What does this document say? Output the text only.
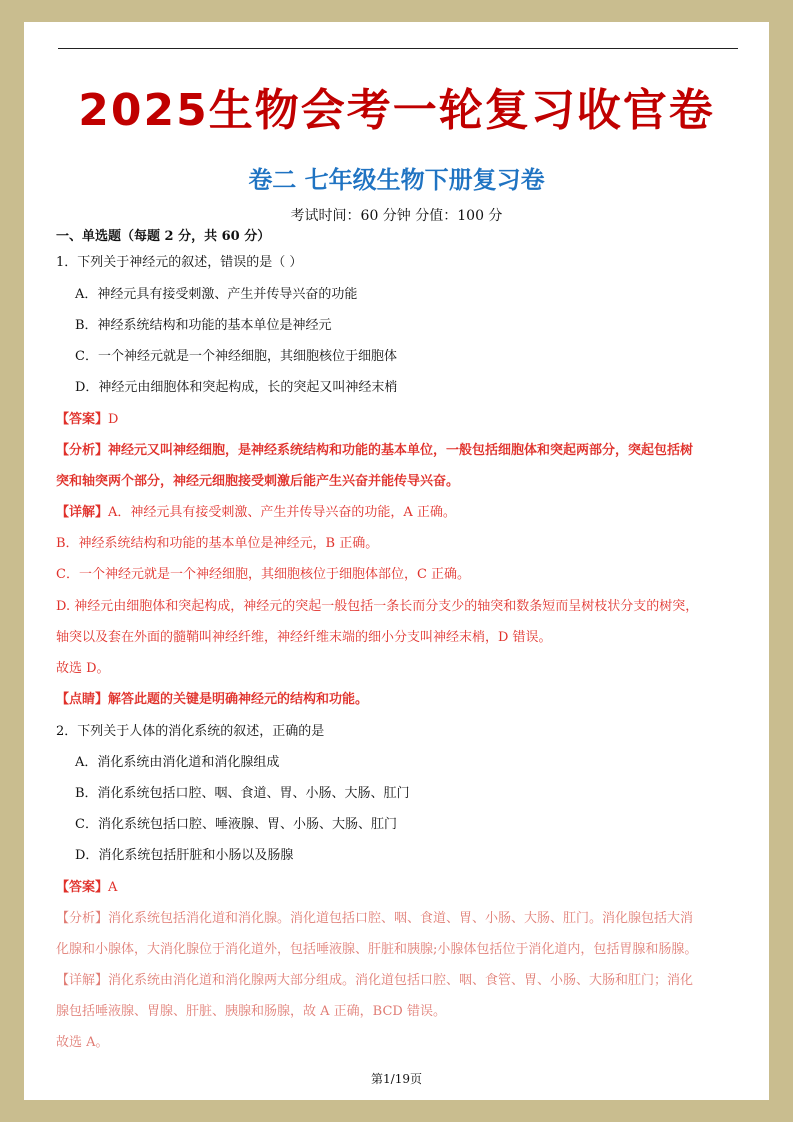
2025生物会考一轮复习收官卷
卷二 七年级生物下册复习卷
考试时间：60 分钟 分值：100 分
一、单选题（每题 2 分，共 60 分）
1．下列关于神经元的叙述，错误的是（ ）
A．神经元具有接受刺激、产生并传导兴奋的功能
B．神经系统结构和功能的基本单位是神经元
C．一个神经元就是一个神经细胞，其细胞核位于细胞体
D．神经元由细胞体和突起构成，长的突起又叫神经末梢
【答案】D
【分析】神经元又叫神经细胞，是神经系统结构和功能的基本单位，一般包括细胞体和突起两部分，突起包括树
突和轴突两个部分，神经元细胞接受刺激后能产生兴奋并能传导兴奋。
【详解】A．神经元具有接受刺激、产生并传导兴奋的功能，A 正确。
B．神经系统结构和功能的基本单位是神经元，B 正确。
C．一个神经元就是一个神经细胞，其细胞核位于细胞体部位，C 正确。
D. 神经元由细胞体和突起构成，神经元的突起一般包括一条长而分支少的轴突和数条短而呈树枝状分支的树突，
轴突以及套在外面的髓鞘叫神经纤维，神经纤维末端的细小分支叫神经末梢，D 错误。
故选 D。
【点睛】解答此题的关键是明确神经元的结构和功能。
2．下列关于人体的消化系统的叙述，正确的是
A．消化系统由消化道和消化腺组成
B．消化系统包括口腔、咽、食道、胃、小肠、大肠、肛门
C．消化系统包括口腔、唾液腺、胃、小肠、大肠、肛门
D．消化系统包括肝脏和小肠以及肠腺
【答案】A
【分析】消化系统包括消化道和消化腺。消化道包括口腔、咽、食道、胃、小肠、大肠、肛门。消化腺包括大消
化腺和小腺体，大消化腺位于消化道外，包括唾液腺、肝脏和胰腺;小腺体包括位于消化道内，包括胃腺和肠腺。
【详解】消化系统由消化道和消化腺两大部分组成。消化道包括口腔、咽、食管、胃、小肠、大肠和肛门；消化
腺包括唾液腺、胃腺、肝脏、胰腺和肠腺，故 A 正确，BCD 错误。
故选 A。
第1/19页
